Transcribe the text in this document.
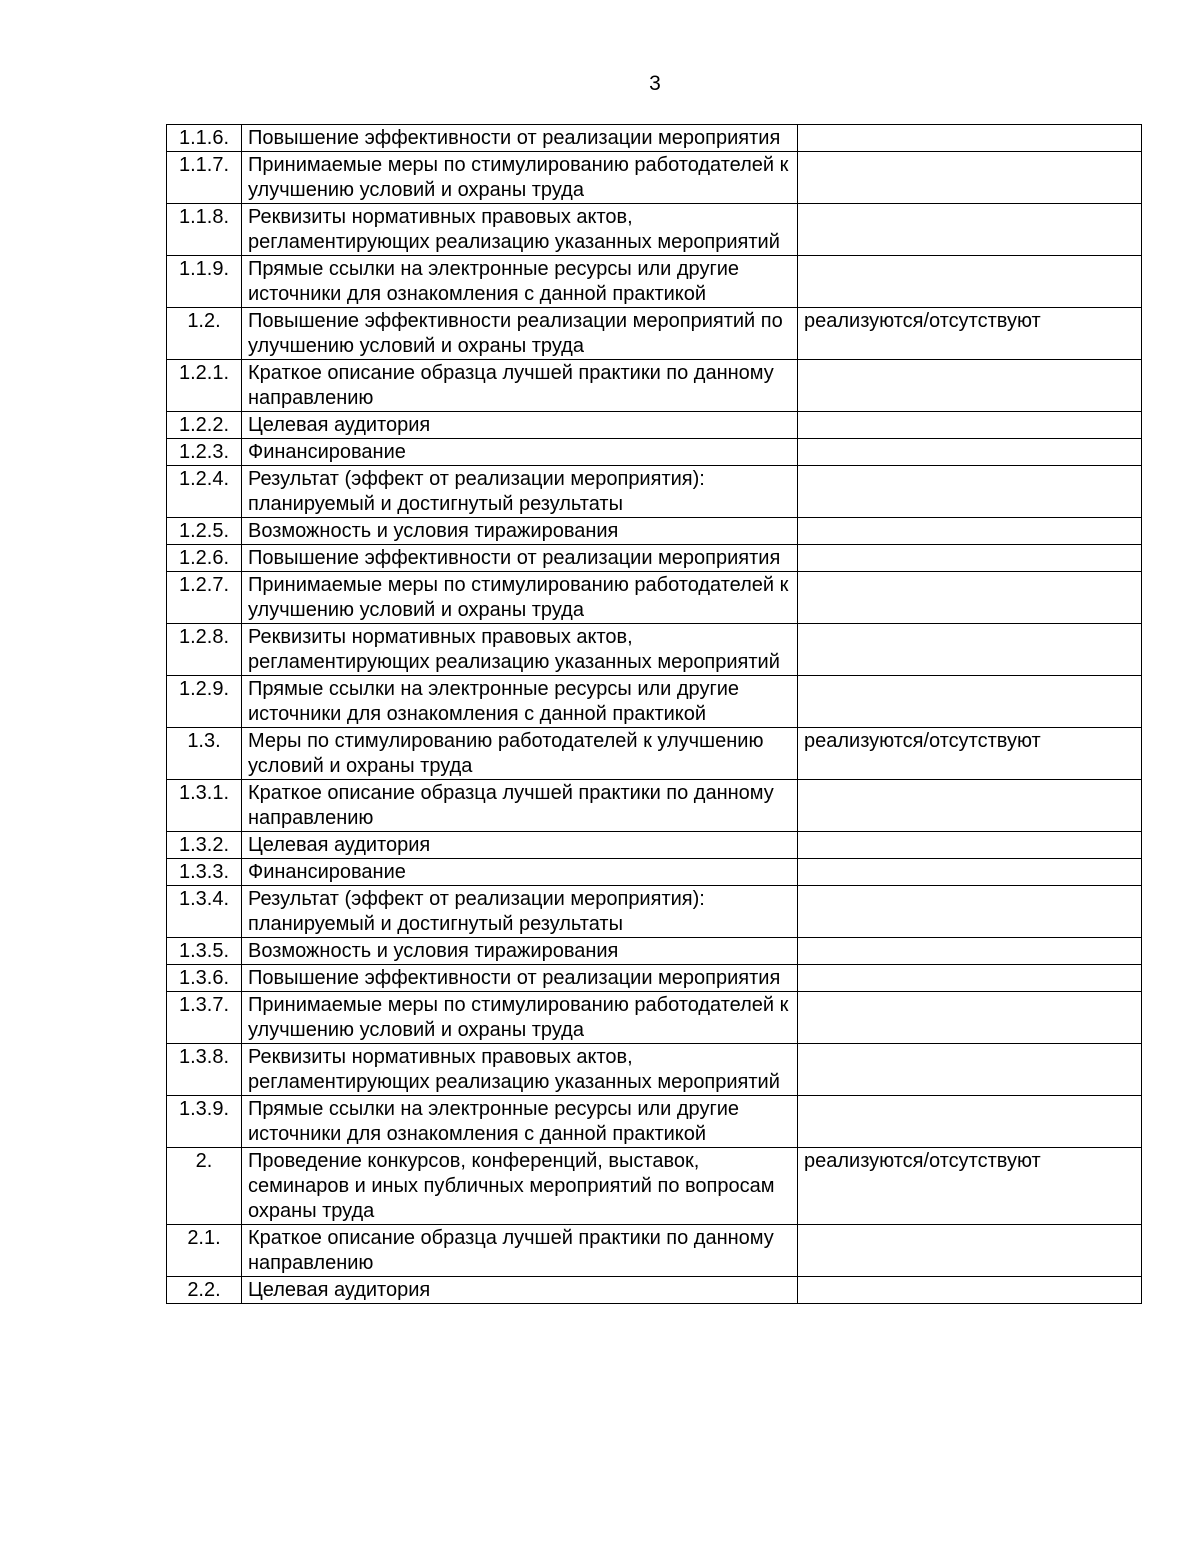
3
1.1.6.	Повышение эффективности от реализации мероприятия	
1.1.7.	Принимаемые меры по стимулированию работодателей к улучшению условий и охраны труда	
1.1.8.	Реквизиты нормативных правовых актов, регламентирующих реализацию указанных мероприятий	
1.1.9.	Прямые ссылки на электронные ресурсы или другие источники для ознакомления с данной практикой	
1.2.	Повышение эффективности реализации мероприятий по улучшению условий и охраны труда	реализуются/отсутствуют
1.2.1.	Краткое описание образца лучшей практики по данному направлению	
1.2.2.	Целевая аудитория	
1.2.3.	Финансирование	
1.2.4.	Результат (эффект от реализации мероприятия): планируемый и достигнутый результаты	
1.2.5.	Возможность и условия тиражирования	
1.2.6.	Повышение эффективности от реализации мероприятия	
1.2.7.	Принимаемые меры по стимулированию работодателей к улучшению условий и охраны труда	
1.2.8.	Реквизиты нормативных правовых актов, регламентирующих реализацию указанных мероприятий	
1.2.9.	Прямые ссылки на электронные ресурсы или другие источники для ознакомления с данной практикой	
1.3.	Меры по стимулированию работодателей к улучшению условий и охраны труда	реализуются/отсутствуют
1.3.1.	Краткое описание образца лучшей практики по данному направлению	
1.3.2.	Целевая аудитория	
1.3.3.	Финансирование	
1.3.4.	Результат (эффект от реализации мероприятия): планируемый и достигнутый результаты	
1.3.5.	Возможность и условия тиражирования	
1.3.6.	Повышение эффективности от реализации мероприятия	
1.3.7.	Принимаемые меры по стимулированию работодателей к улучшению условий и охраны труда	
1.3.8.	Реквизиты нормативных правовых актов, регламентирующих реализацию указанных мероприятий	
1.3.9.	Прямые ссылки на электронные ресурсы или другие источники для ознакомления с данной практикой	
2.	Проведение конкурсов, конференций, выставок, семинаров и иных публичных мероприятий по вопросам охраны труда	реализуются/отсутствуют
2.1.	Краткое описание образца лучшей практики по данному направлению	
2.2.	Целевая аудитория	
